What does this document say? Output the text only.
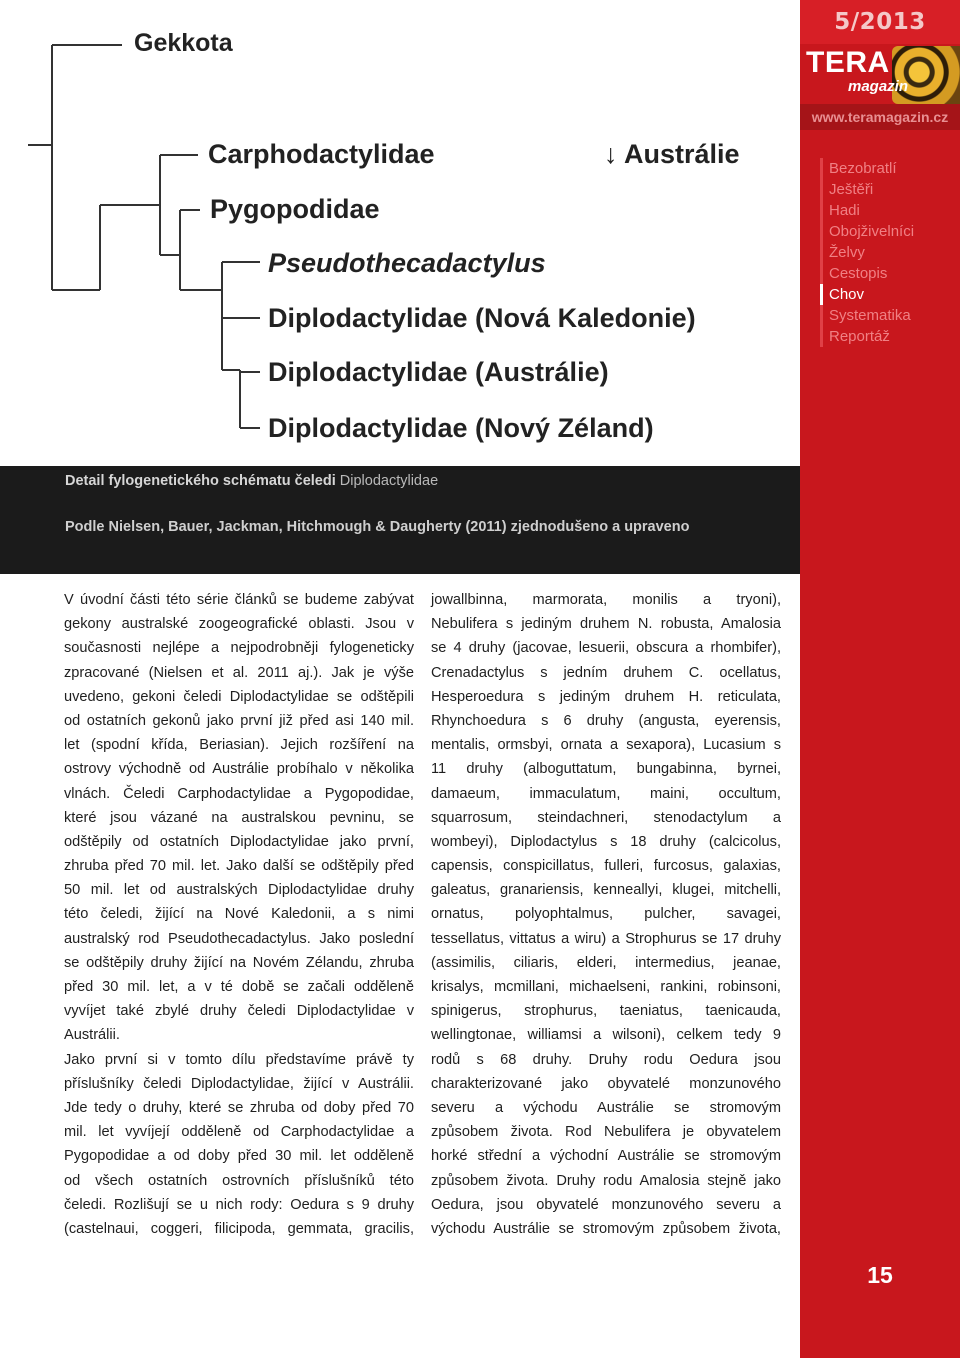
Gekkota
Carphodactylidae	↓ Austrálie
Pygopodidae
Pseudothecadactylus
Diplodactylidae (Nová Kaledonie)
Diplodactylidae (Austrálie)
Diplodactylidae (Nový Zéland)
Detail fylogenetického schématu čeledi Diplodactylidae
Podle Nielsen, Bauer, Jackman, Hitchmough & Daugherty (2011) zjednodušeno a upraveno
5/2013
TERA
magazin
www.teramagazin.cz
Bezobratlí
Ještěři
Hadi
Obojživelníci
Želvy
Cestopis
Chov
Systematika
Reportáž
15
V úvodní části této série článků se budeme zabývat
gekony australské zoogeografické oblasti. Jsou v
současnosti nejlépe a nejpodrobněji fylogeneticky
zpracované (Nielsen et al. 2011 aj.). Jak je výše
uvedeno, gekoni čeledi Diplodactylidae se odštěpili
od ostatních gekonů jako první již před asi 140 mil.
let (spodní křída, Beriasian). Jejich rozšíření na
ostrovy východně od Austrálie probíhalo v několika
vlnách. Čeledi Carphodactylidae a Pygopodidae,
které jsou vázané na australskou pevninu, se
odštěpily od ostatních Diplodactylidae jako první,
zhruba před 70 mil. let. Jako další se odštěpily před
50 mil. let od australských Diplodactylidae druhy
této čeledi, žijící na Nové Kaledonii, a s nimi
australský rod Pseudothecadactylus. Jako poslední
se odštěpily druhy žijící na Novém Zélandu, zhruba
před 30 mil. let, a v té době se začali odděleně
vyvíjet také zbylé druhy čeledi Diplodactylidae v
Austrálii.
Jako první si v tomto dílu představíme právě ty
příslušníky čeledi Diplodactylidae, žijící v Austrálii.
Jde tedy o druhy, které se zhruba od doby před 70
mil. let vyvíjejí odděleně od Carphodactylidae a
Pygopodidae a od doby před 30 mil. let odděleně
od všech ostatních ostrovních příslušníků této
čeledi. Rozlišují se u nich rody: Oedura s 9 druhy
(castelnaui, coggeri, filicipoda, gemmata, gracilis,
jowallbinna, marmorata, monilis a tryoni),
Nebulifera s jediným druhem N. robusta, Amalosia
se 4 druhy (jacovae, lesuerii, obscura a rhombifer),
Crenadactylus s jedním druhem C. ocellatus,
Hesperoedura s jediným druhem H. reticulata,
Rhynchoedura s 6 druhy (angusta, eyerensis,
mentalis, ormsbyi, ornata a sexapora), Lucasium s
11 druhy (alboguttatum, bungabinna, byrnei,
damaeum, immaculatum, maini, occultum,
squarrosum, steindachneri, stenodactylum a
wombeyi), Diplodactylus s 18 druhy (calcicolus,
capensis, conspicillatus, fulleri, furcosus, galaxias,
galeatus, granariensis, kenneallyi, klugei, mitchelli,
ornatus, polyophtalmus, pulcher, savagei,
tessellatus, vittatus a wiru) a Strophurus se 17 druhy
(assimilis, ciliaris, elderi, intermedius, jeanae,
krisalys, mcmillani, michaelseni, rankini, robinsoni,
spinigerus, strophurus, taeniatus, taenicauda,
wellingtonae, williamsi a wilsoni), celkem tedy 9
rodů s 68 druhy. Druhy rodu Oedura jsou
charakterizované jako obyvatelé monzunového
severu a východu Austrálie se stromovým
způsobem života. Rod Nebulifera je obyvatelem
horké střední a východní Austrálie se stromovým
způsobem života. Druhy rodu Amalosia stejně jako
Oedura, jsou obyvatelé monzunového severu a
východu Austrálie se stromovým způsobem života,
